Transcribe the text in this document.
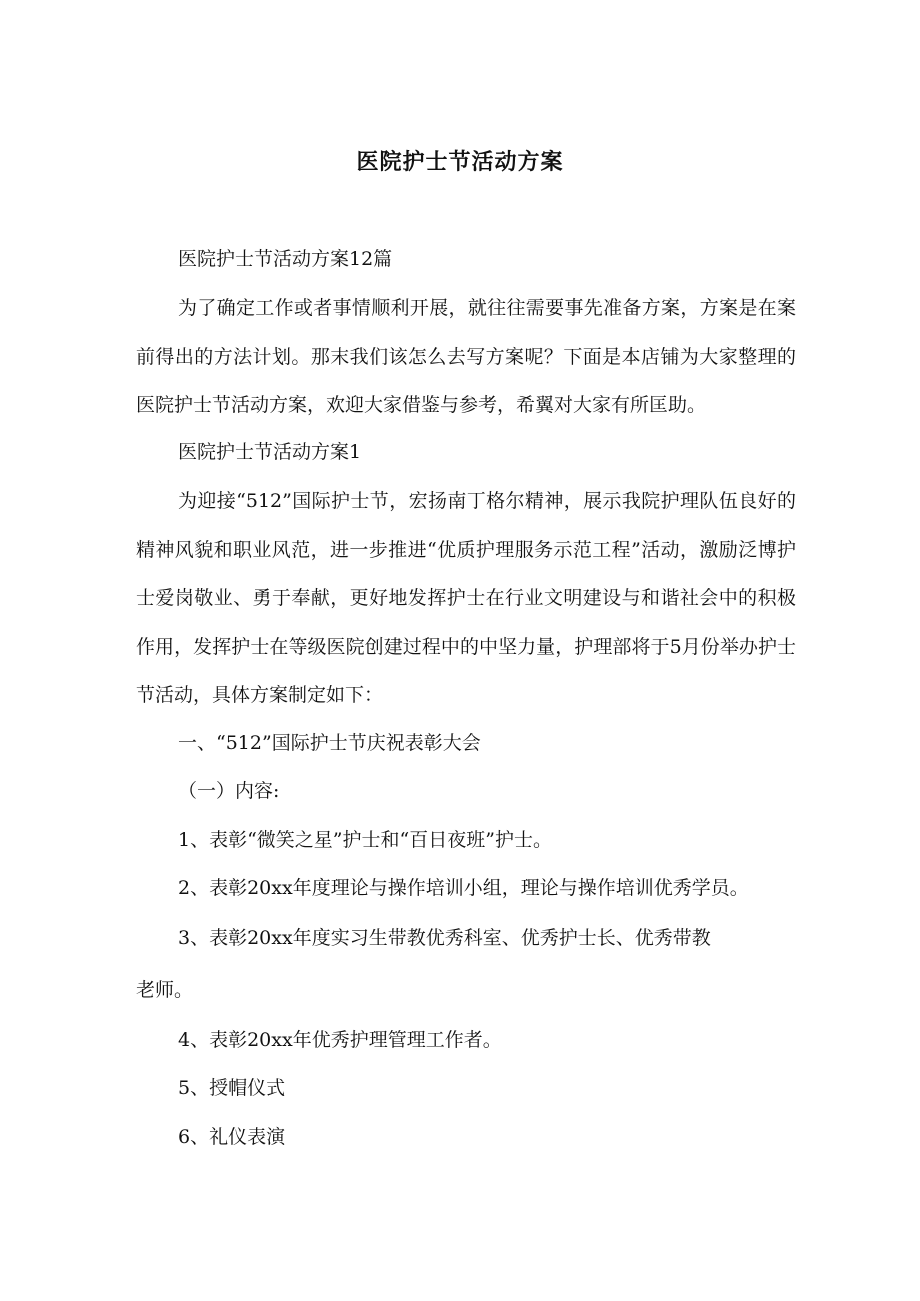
医院护士节活动方案
医院护士节活动方案12篇
为了确定工作或者事情顺利开展，就往往需要事先准备方案，方案是在案前得出的方法计划。那末我们该怎么去写方案呢？下面是本店铺为大家整理的医院护士节活动方案，欢迎大家借鉴与参考，希翼对大家有所匡助。
医院护士节活动方案1
为迎接“512”国际护士节，宏扬南丁格尔精神，展示我院护理队伍良好的精神风貌和职业风范，进一步推进“优质护理服务示范工程”活动，激励泛博护士爱岗敬业、勇于奉献，更好地发挥护士在行业文明建设与和谐社会中的积极作用，发挥护士在等级医院创建过程中的中坚力量，护理部将于5月份举办护士节活动，具体方案制定如下：
一、“512”国际护士节庆祝表彰大会
（一）内容:
1、表彰“微笑之星”护士和“百日夜班”护士。
2、表彰20xx年度理论与操作培训小组，理论与操作培训优秀学员。
3、表彰20xx年度实习生带教优秀科室、优秀护士长、优秀带教
老师。
4、表彰20xx年优秀护理管理工作者。
5、授帽仪式
6、礼仪表演
